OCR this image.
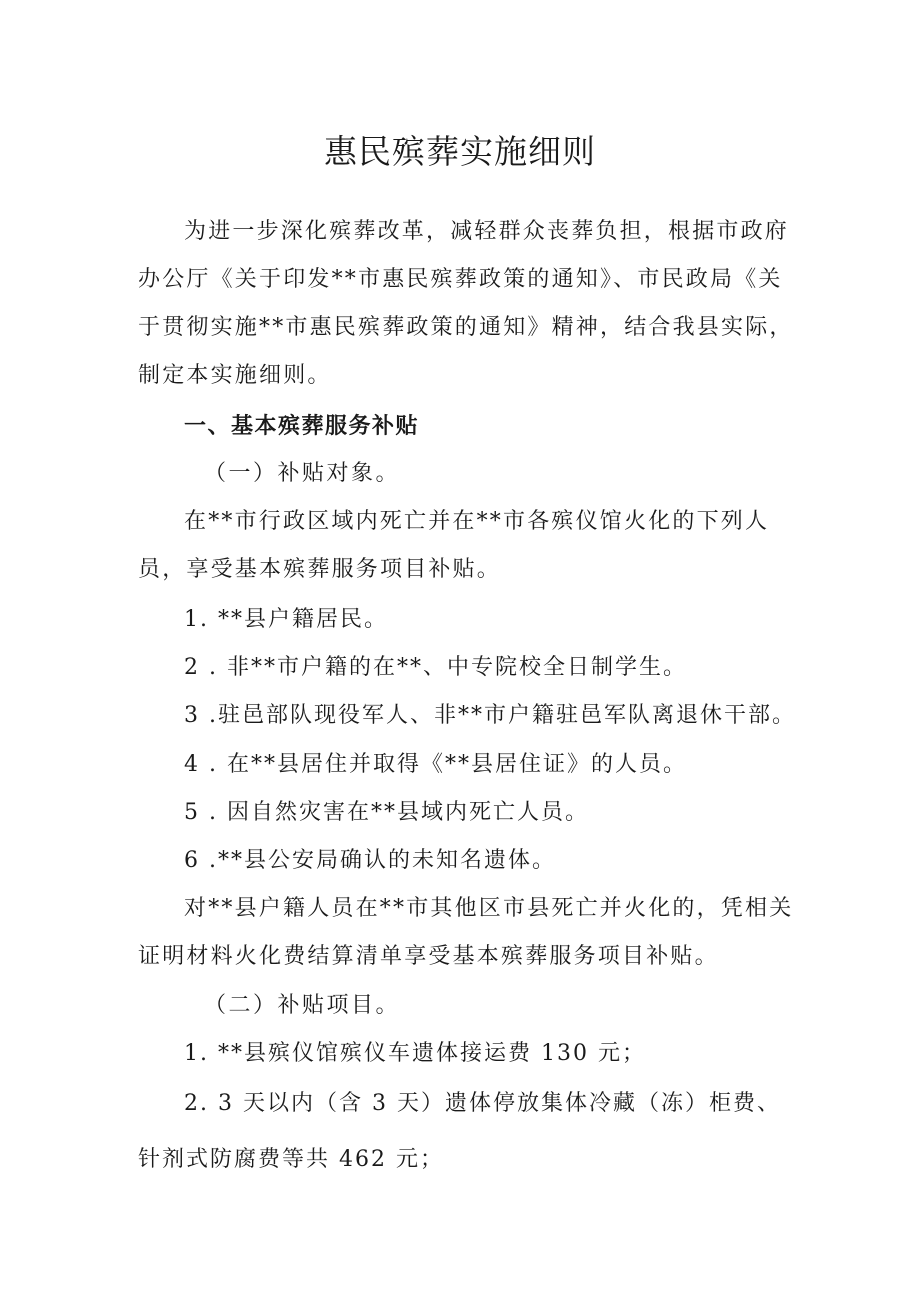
惠民殡葬实施细则

为进一步深化殡葬改革，减轻群众丧葬负担，根据市政府办公厅《关于印发**市惠民殡葬政策的通知》、市民政局《关于贯彻实施**市惠民殡葬政策的通知》精神，结合我县实际，制定本实施细则。

一、基本殡葬服务补贴

（一）补贴对象。

在**市行政区域内死亡并在**市各殡仪馆火化的下列人员，享受基本殡葬服务项目补贴。

1. **县户籍居民。

2 . 非**市户籍的在**、中专院校全日制学生。

3 .驻邑部队现役军人、非**市户籍驻邑军队离退休干部。

4 . 在**县居住并取得《**县居住证》的人员。

5 . 因自然灾害在**县域内死亡人员。

6 .**县公安局确认的未知名遗体。

对**县户籍人员在**市其他区市县死亡并火化的，凭相关证明材料火化费结算清单享受基本殡葬服务项目补贴。

（二）补贴项目。

1. **县殡仪馆殡仪车遗体接运费 130 元；

2. 3 天以内（含 3 天）遗体停放集体冷藏（冻）柜费、

针剂式防腐费等共 462 元；
